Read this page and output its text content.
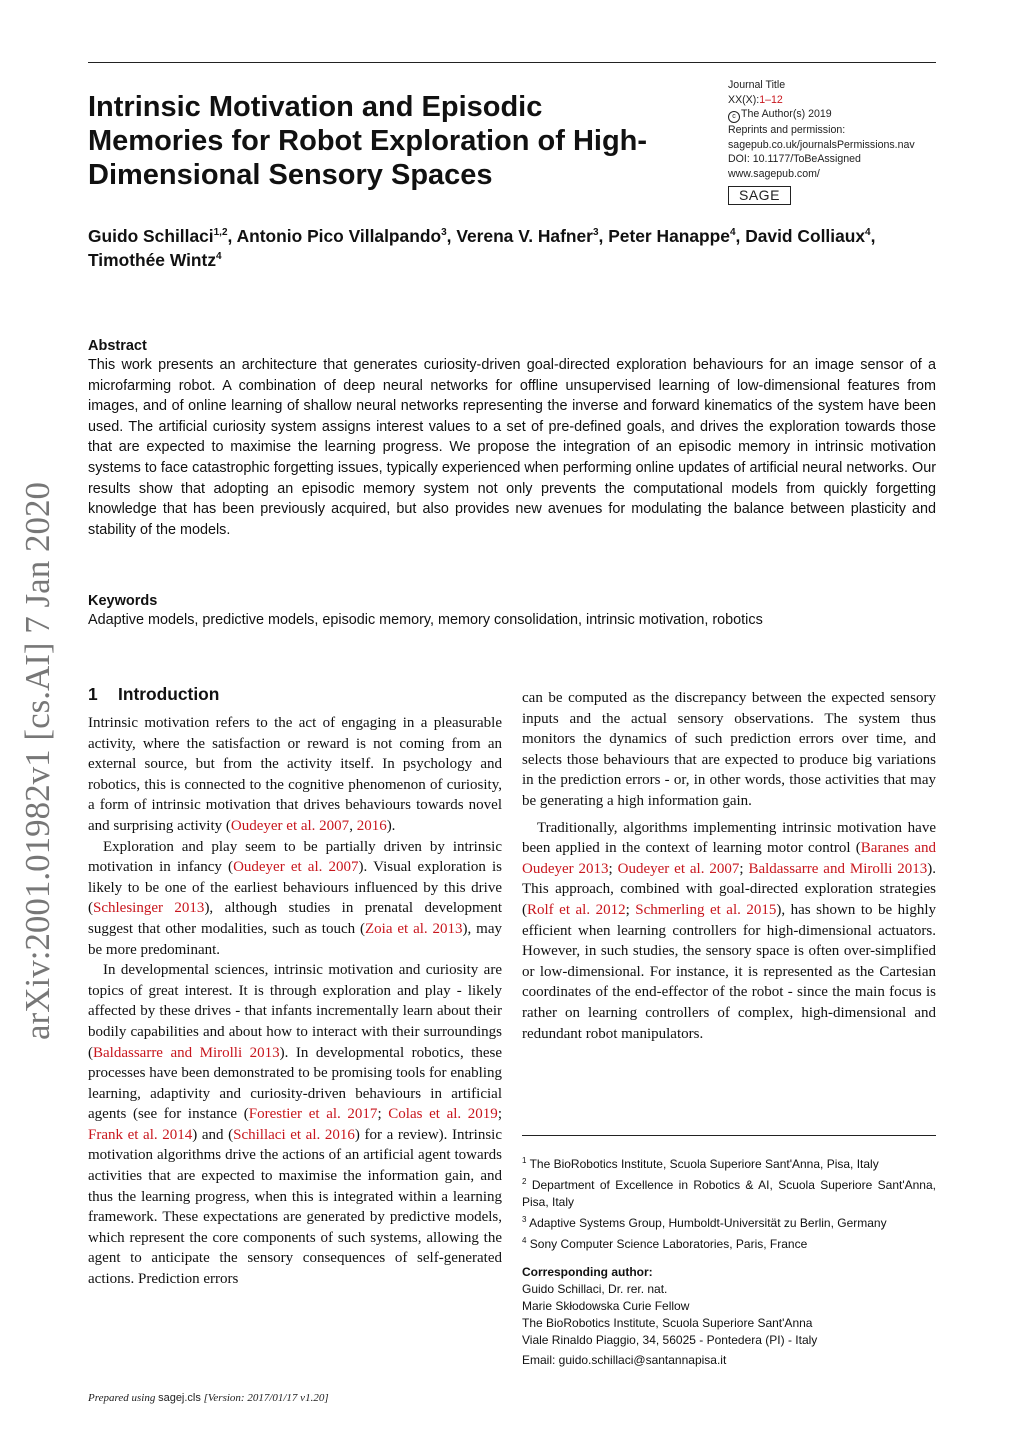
Intrinsic Motivation and Episodic Memories for Robot Exploration of High-Dimensional Sensory Spaces
Journal Title
XX(X):1–12
c The Author(s) 2019
Reprints and permission:
sagepub.co.uk/journalsPermissions.nav
DOI: 10.1177/ToBeAssigned
www.sagepub.com/
SAGE

Guido Schillaci$^{1,2}$, Antonio Pico Villalpando$^3$, Verena V. Hafner$^3$, Peter Hanappe$^4$, David Colliaux$^4$, Timothée Wintz$^4$

Abstract

This work presents an architecture that generates curiosity-driven goal-directed exploration behaviours for an image sensor of a microfarming robot. A combination of deep neural networks for offline unsupervised learning of low-dimensional features from images, and of online learning of shallow neural networks representing the inverse and forward kinematics of the system have been used. The artificial curiosity system assigns interest values to a set of pre-defined goals, and drives the exploration towards those that are expected to maximise the learning progress. We propose the integration of an episodic memory in intrinsic motivation systems to face catastrophic forgetting issues, typically experienced when performing online updates of artificial neural networks. Our results show that adopting an episodic memory system not only prevents the computational models from quickly forgetting knowledge that has been previously acquired, but also provides new avenues for modulating the balance between plasticity and stability of the models.

Keywords

Adaptive models, predictive models, episodic memory, memory consolidation, intrinsic motivation, robotics

arXiv:2001.01982v1 [cs.AI] 7 Jan 2020 1 Introduction

Intrinsic motivation refers to the act of engaging in a pleasurable activity, where the satisfaction or reward is not coming from an external source, but from the activity itself. In psychology and robotics, this is connected to the cognitive phenomenon of curiosity, a form of intrinsic motivation that drives behaviours towards novel and surprising activity (Oudeyer et al. 2007, 2016).

Exploration and play seem to be partially driven by intrinsic motivation in infancy (Oudeyer et al. 2007). Visual exploration is likely to be one of the earliest behaviours influenced by this drive (Schlesinger 2013), although studies in prenatal development suggest that other modalities, such as touch (Zoia et al. 2013), may be more predominant.

In developmental sciences, intrinsic motivation and curiosity are topics of great interest. It is through exploration and play - likely affected by these drives - that infants incrementally learn about their bodily capabilities and about how to interact with their surroundings (Baldassarre and Mirolli 2013). In developmental robotics, these processes have been demonstrated to be promising tools for enabling learning, adaptivity and curiosity-driven behaviours in artificial agents (see for instance (Forestier et al. 2017; Colas et al. 2019; Frank et al. 2014) and (Schillaci et al. 2016) for a review). Intrinsic motivation algorithms drive the actions of an artificial agent towards activities that are expected to maximise the information gain, and thus the learning progress, when this is integrated within a learning framework. These expectations are generated by predictive models, which represent the core components of such systems, allowing the agent to anticipate the sensory consequences of self-generated actions. Prediction errors

can be computed as the discrepancy between the expected sensory inputs and the actual sensory observations. The system thus monitors the dynamics of such prediction errors over time, and selects those behaviours that are expected to produce big variations in the prediction errors - or, in other words, those activities that may be generating a high information gain.

Traditionally, algorithms implementing intrinsic motivation have been applied in the context of learning motor control (Baranes and Oudeyer 2013; Oudeyer et al. 2007; Baldassarre and Mirolli 2013). This approach, combined with goal-directed exploration strategies (Rolf et al. 2012; Schmerling et al. 2015), has shown to be highly efficient when learning controllers for high-dimensional actuators. However, in such studies, the sensory space is often over-simplified or low-dimensional. For instance, it is represented as the Cartesian coordinates of the end-effector of the robot - since the main focus is rather on learning controllers of complex, high-dimensional and redundant robot manipulators.

$^1$ The BioRobotics Institute, Scuola Superiore Sant'Anna, Pisa, Italy

$^2$ Department of Excellence in Robotics & AI, Scuola Superiore Sant'Anna, Pisa, Italy

$^3$ Adaptive Systems Group, Humboldt-Universität zu Berlin, Germany

$^4$ Sony Computer Science Laboratories, Paris, France

Corresponding author:
Guido Schillaci, Dr. rer. nat.
Marie Skłodowska Curie Fellow
The BioRobotics Institute, Scuola Superiore Sant'Anna
Viale Rinaldo Piaggio, 34, 56025 - Pontedera (PI) - Italy
Email: guido.schillaci@santannapisa.it
Prepared using sagej.cls [Version: 2017/01/17 v1.20]
